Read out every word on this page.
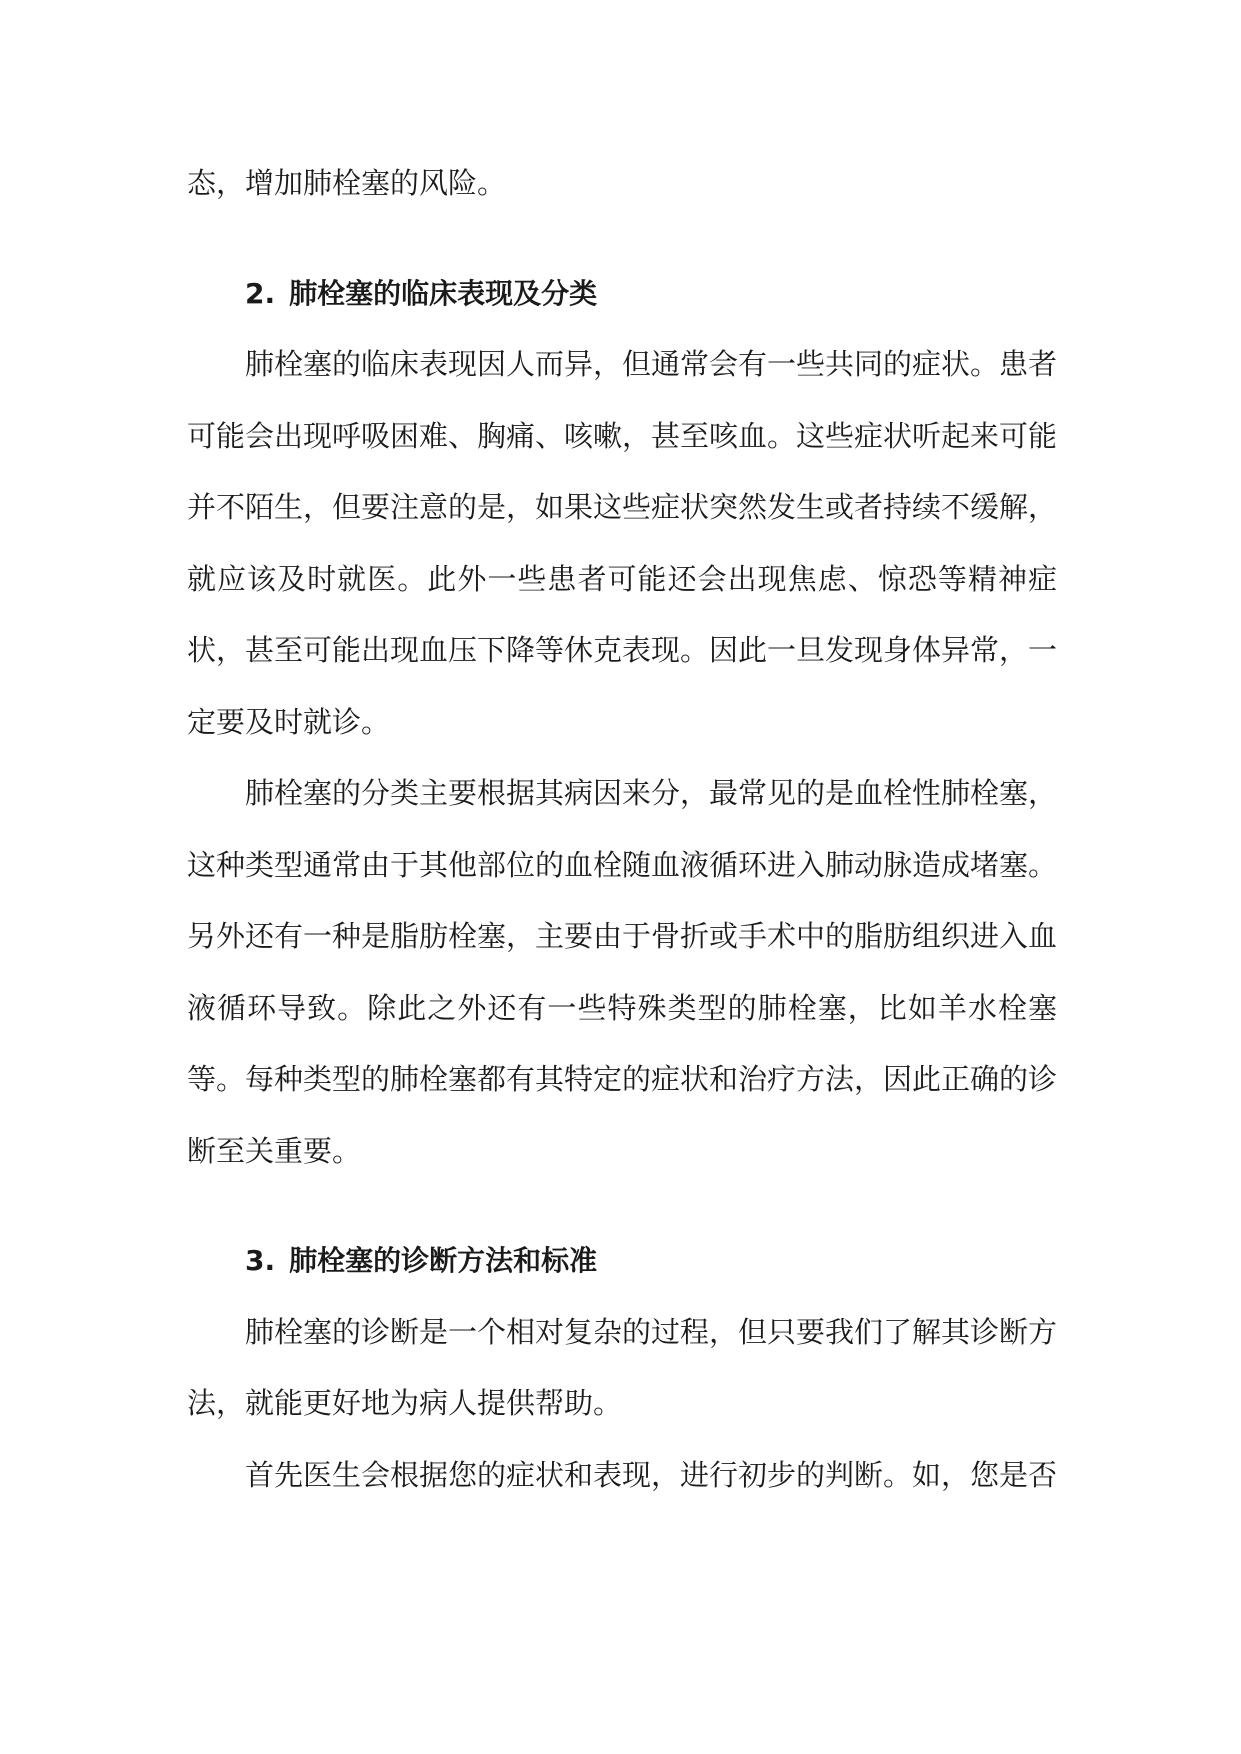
态，增加肺栓塞的风险。

2. 肺栓塞的临床表现及分类

肺栓塞的临床表现因人而异，但通常会有一些共同的症状。患者可能会出现呼吸困难、胸痛、咳嗽，甚至咳血。这些症状听起来可能并不陌生，但要注意的是，如果这些症状突然发生或者持续不缓解，就应该及时就医。此外一些患者可能还会出现焦虑、惊恐等精神症状，甚至可能出现血压下降等休克表现。因此一旦发现身体异常，一定要及时就诊。

肺栓塞的分类主要根据其病因来分，最常见的是血栓性肺栓塞，这种类型通常由于其他部位的血栓随血液循环进入肺动脉造成堵塞。另外还有一种是脂肪栓塞，主要由于骨折或手术中的脂肪组织进入血液循环导致。除此之外还有一些特殊类型的肺栓塞，比如羊水栓塞等。每种类型的肺栓塞都有其特定的症状和治疗方法，因此正确的诊断至关重要。

3. 肺栓塞的诊断方法和标准

肺栓塞的诊断是一个相对复杂的过程，但只要我们了解其诊断方法，就能更好地为病人提供帮助。

首先医生会根据您的症状和表现，进行初步的判断。如，您是否
